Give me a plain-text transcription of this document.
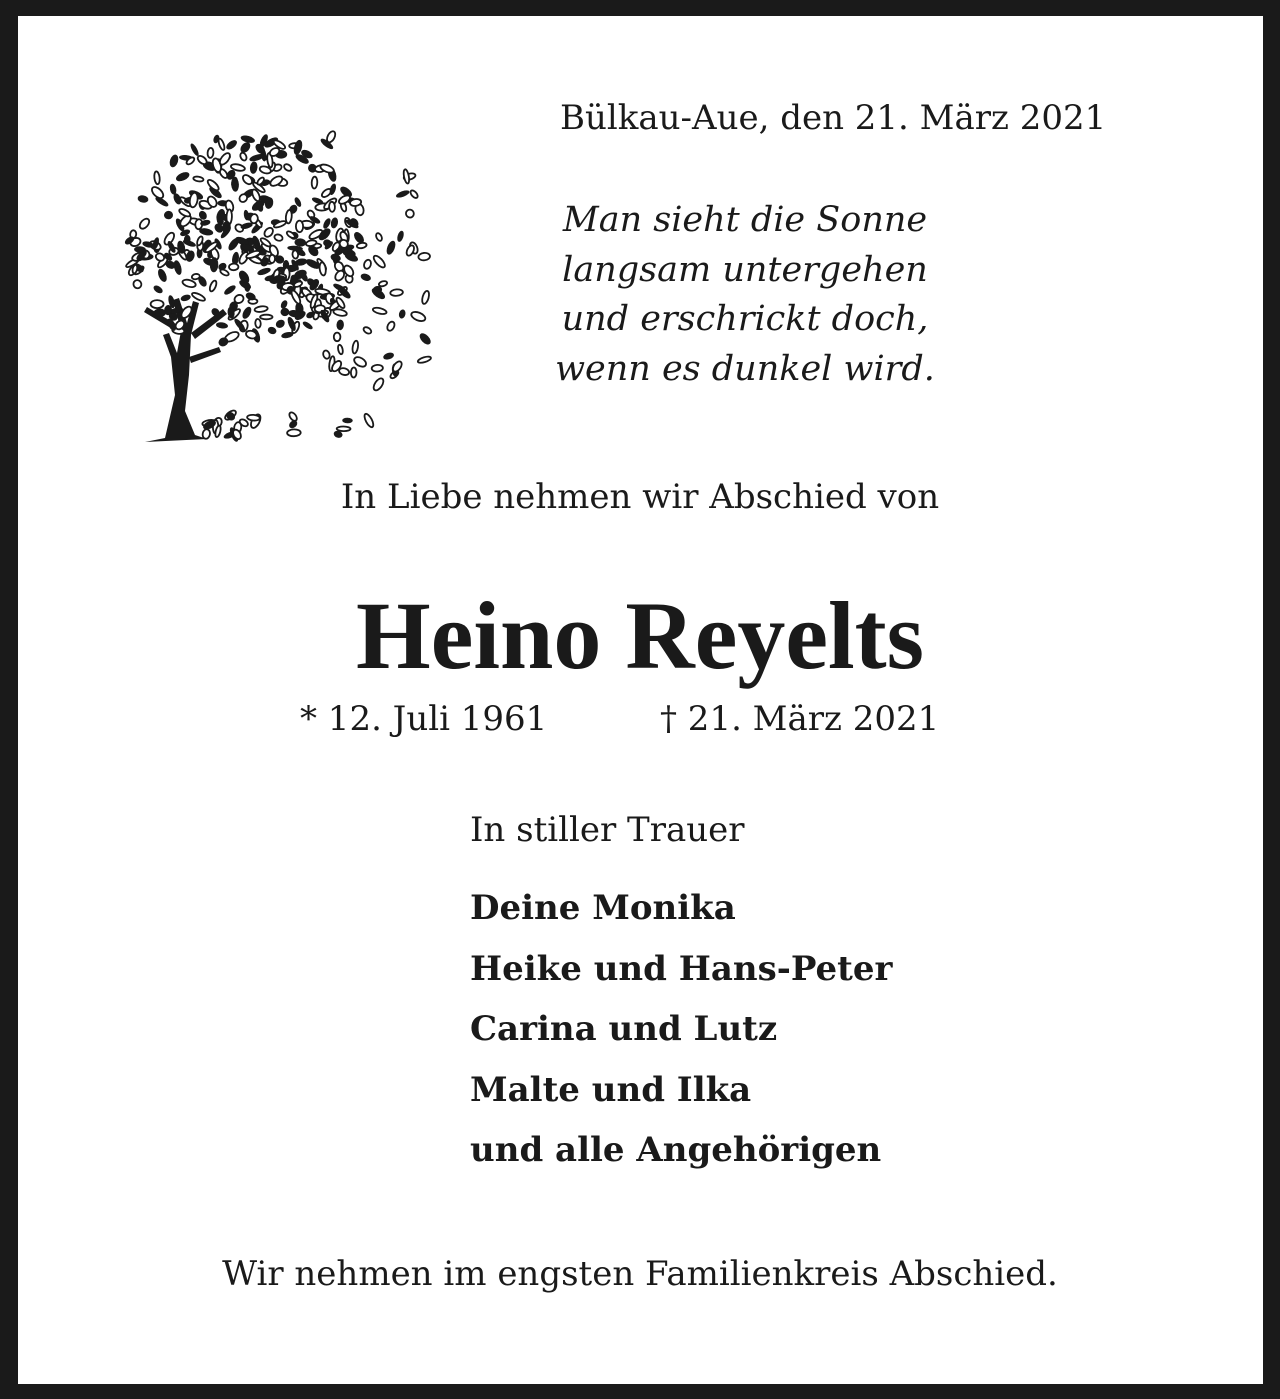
Bülkau-Aue, den 21. März 2021
Man sieht die Sonne
langsam untergehen
und erschrickt doch,
wenn es dunkel wird.
In Liebe nehmen wir Abschied von
Heino Reyelts
* 12. Juli 1961	† 21. März 2021
In stiller Trauer
Deine Monika
Heike und Hans-Peter
Carina und Lutz
Malte und Ilka
und alle Angehörigen
Wir nehmen im engsten Familienkreis Abschied.
